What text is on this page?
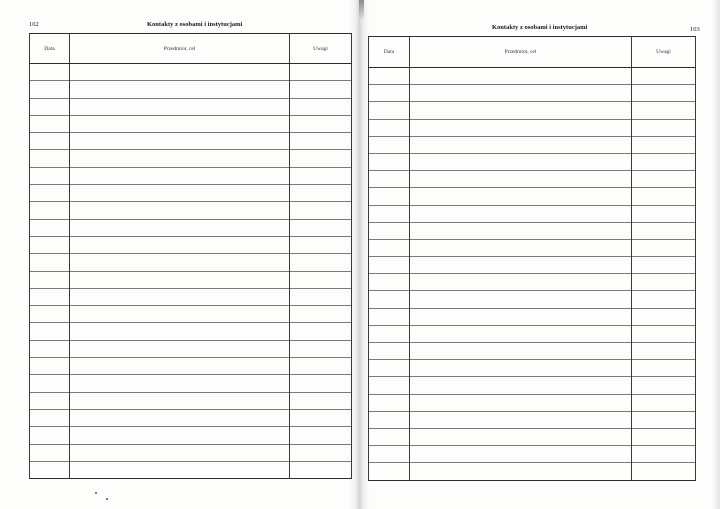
102	Kontakty z osobami i instytucjami
Data	Przedmiot, cel	Uwagi

Kontakty z osobami i instytucjami	103
Data	Przedmiot, cel	Uwagi
